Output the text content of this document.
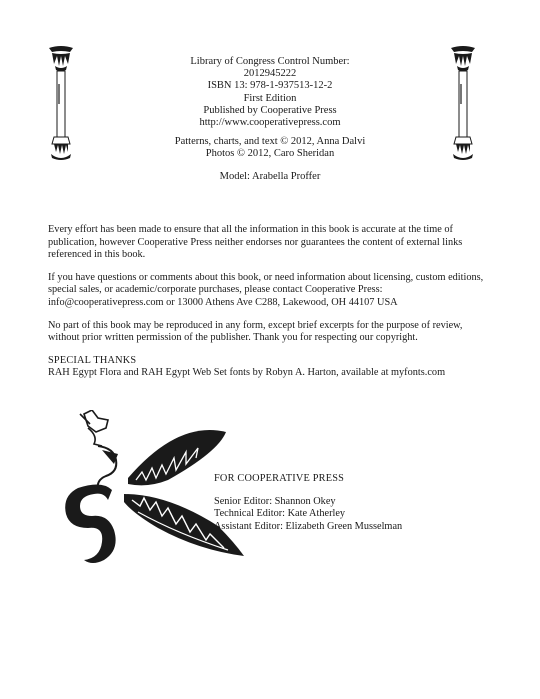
Library of Congress Control Number:
2012945222
ISBN 13: 978-1-937513-12-2
First Edition
Published by Cooperative Press
http://www.cooperativepress.com
Patterns, charts, and text © 2012, Anna Dalvi
Photos © 2012, Caro Sheridan
Model: Arabella Proffer

Every effort has been made to ensure that all the information in this book is accurate at the time of publication, however Cooperative Press neither endorses nor guarantees the content of external links referenced in this book.

If you have questions or comments about this book, or need information about licensing, custom editions, special sales, or academic/corporate purchases, please contact Cooperative Press: info@cooperativepress.com or 13000 Athens Ave C288, Lakewood, OH 44107 USA

No part of this book may be reproduced in any form, except brief excerpts for the purpose of review, without prior written permission of the publisher. Thank you for respecting our copyright.

SPECIAL THANKS
RAH Egypt Flora and RAH Egypt Web Set fonts by Robyn A. Harton, available at myfonts.com
FOR COOPERATIVE PRESS
Senior Editor: Shannon Okey
Technical Editor: Kate Atherley
Assistant Editor: Elizabeth Green Musselman
